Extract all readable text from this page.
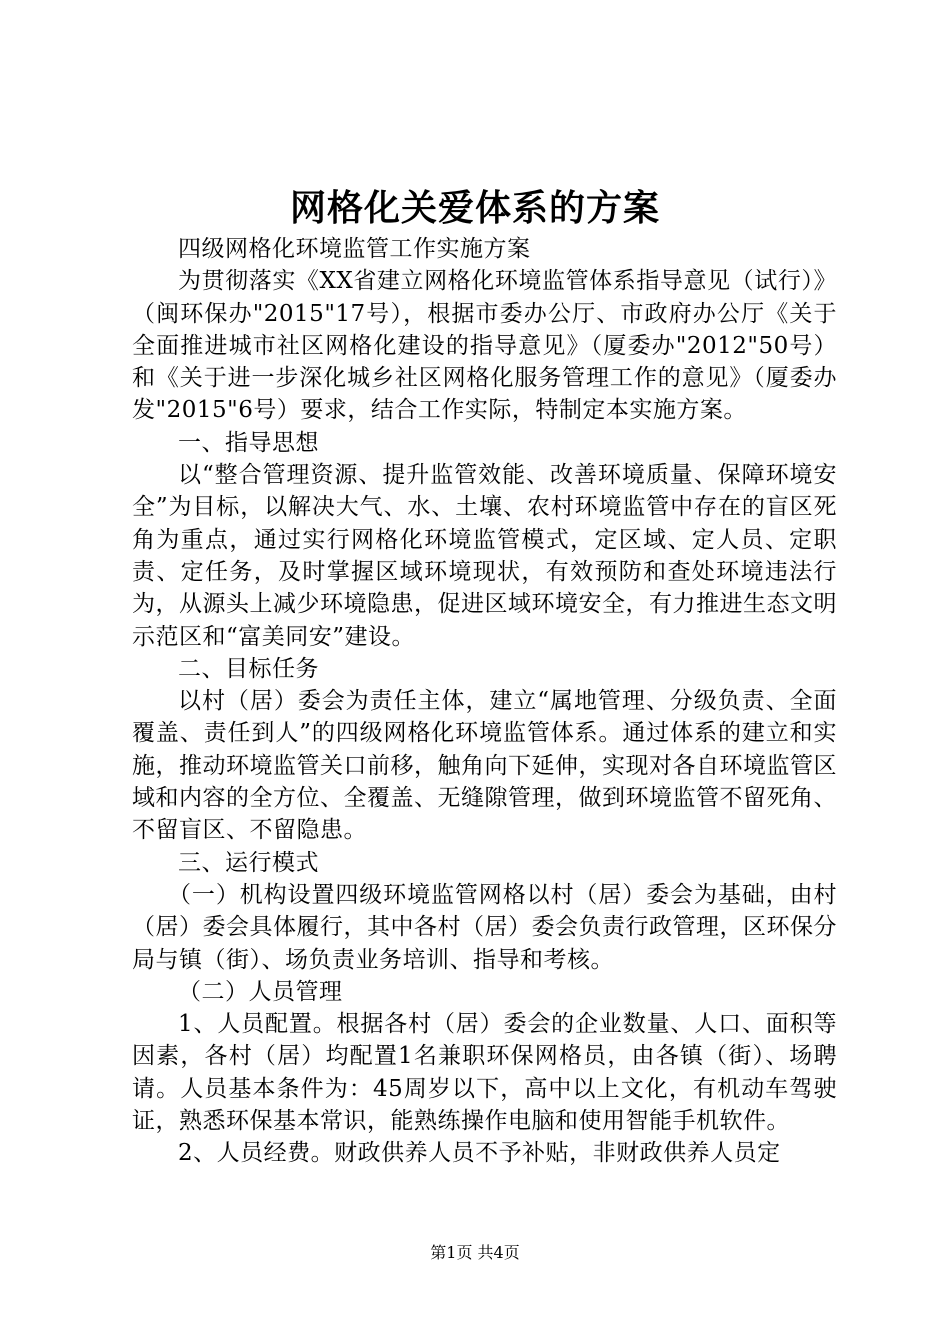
网格化关爱体系的方案

四级网格化环境监管工作实施方案

为贯彻落实《XX省建立网格化环境监管体系指导意见（试行）》（闽环保办"2015"17号），根据市委办公厅、市政府办公厅《关于全面推进城市社区网格化建设的指导意见》（厦委办"2012"50号）和《关于进一步深化城乡社区网格化服务管理工作的意见》（厦委办发"2015"6号）要求，结合工作实际，特制定本实施方案。

一、指导思想

以“整合管理资源、提升监管效能、改善环境质量、保障环境安全”为目标，以解决大气、水、土壤、农村环境监管中存在的盲区死角为重点，通过实行网格化环境监管模式，定区域、定人员、定职责、定任务，及时掌握区域环境现状，有效预防和查处环境违法行为，从源头上减少环境隐患，促进区域环境安全，有力推进生态文明示范区和“富美同安”建设。

二、目标任务

以村（居）委会为责任主体，建立“属地管理、分级负责、全面覆盖、责任到人”的四级网格化环境监管体系。通过体系的建立和实施，推动环境监管关口前移，触角向下延伸，实现对各自环境监管区域和内容的全方位、全覆盖、无缝隙管理，做到环境监管不留死角、不留盲区、不留隐患。

三、运行模式

（一）机构设置四级环境监管网格以村（居）委会为基础，由村（居）委会具体履行，其中各村（居）委会负责行政管理，区环保分局与镇（街）、场负责业务培训、指导和考核。

（二）人员管理

1、人员配置。根据各村（居）委会的企业数量、人口、面积等因素，各村（居）均配置1名兼职环保网格员，由各镇（街）、场聘请。人员基本条件为：45周岁以下，高中以上文化，有机动车驾驶证，熟悉环保基本常识，能熟练操作电脑和使用智能手机软件。

2、人员经费。财政供养人员不予补贴，非财政供养人员定

第1页 共4页
